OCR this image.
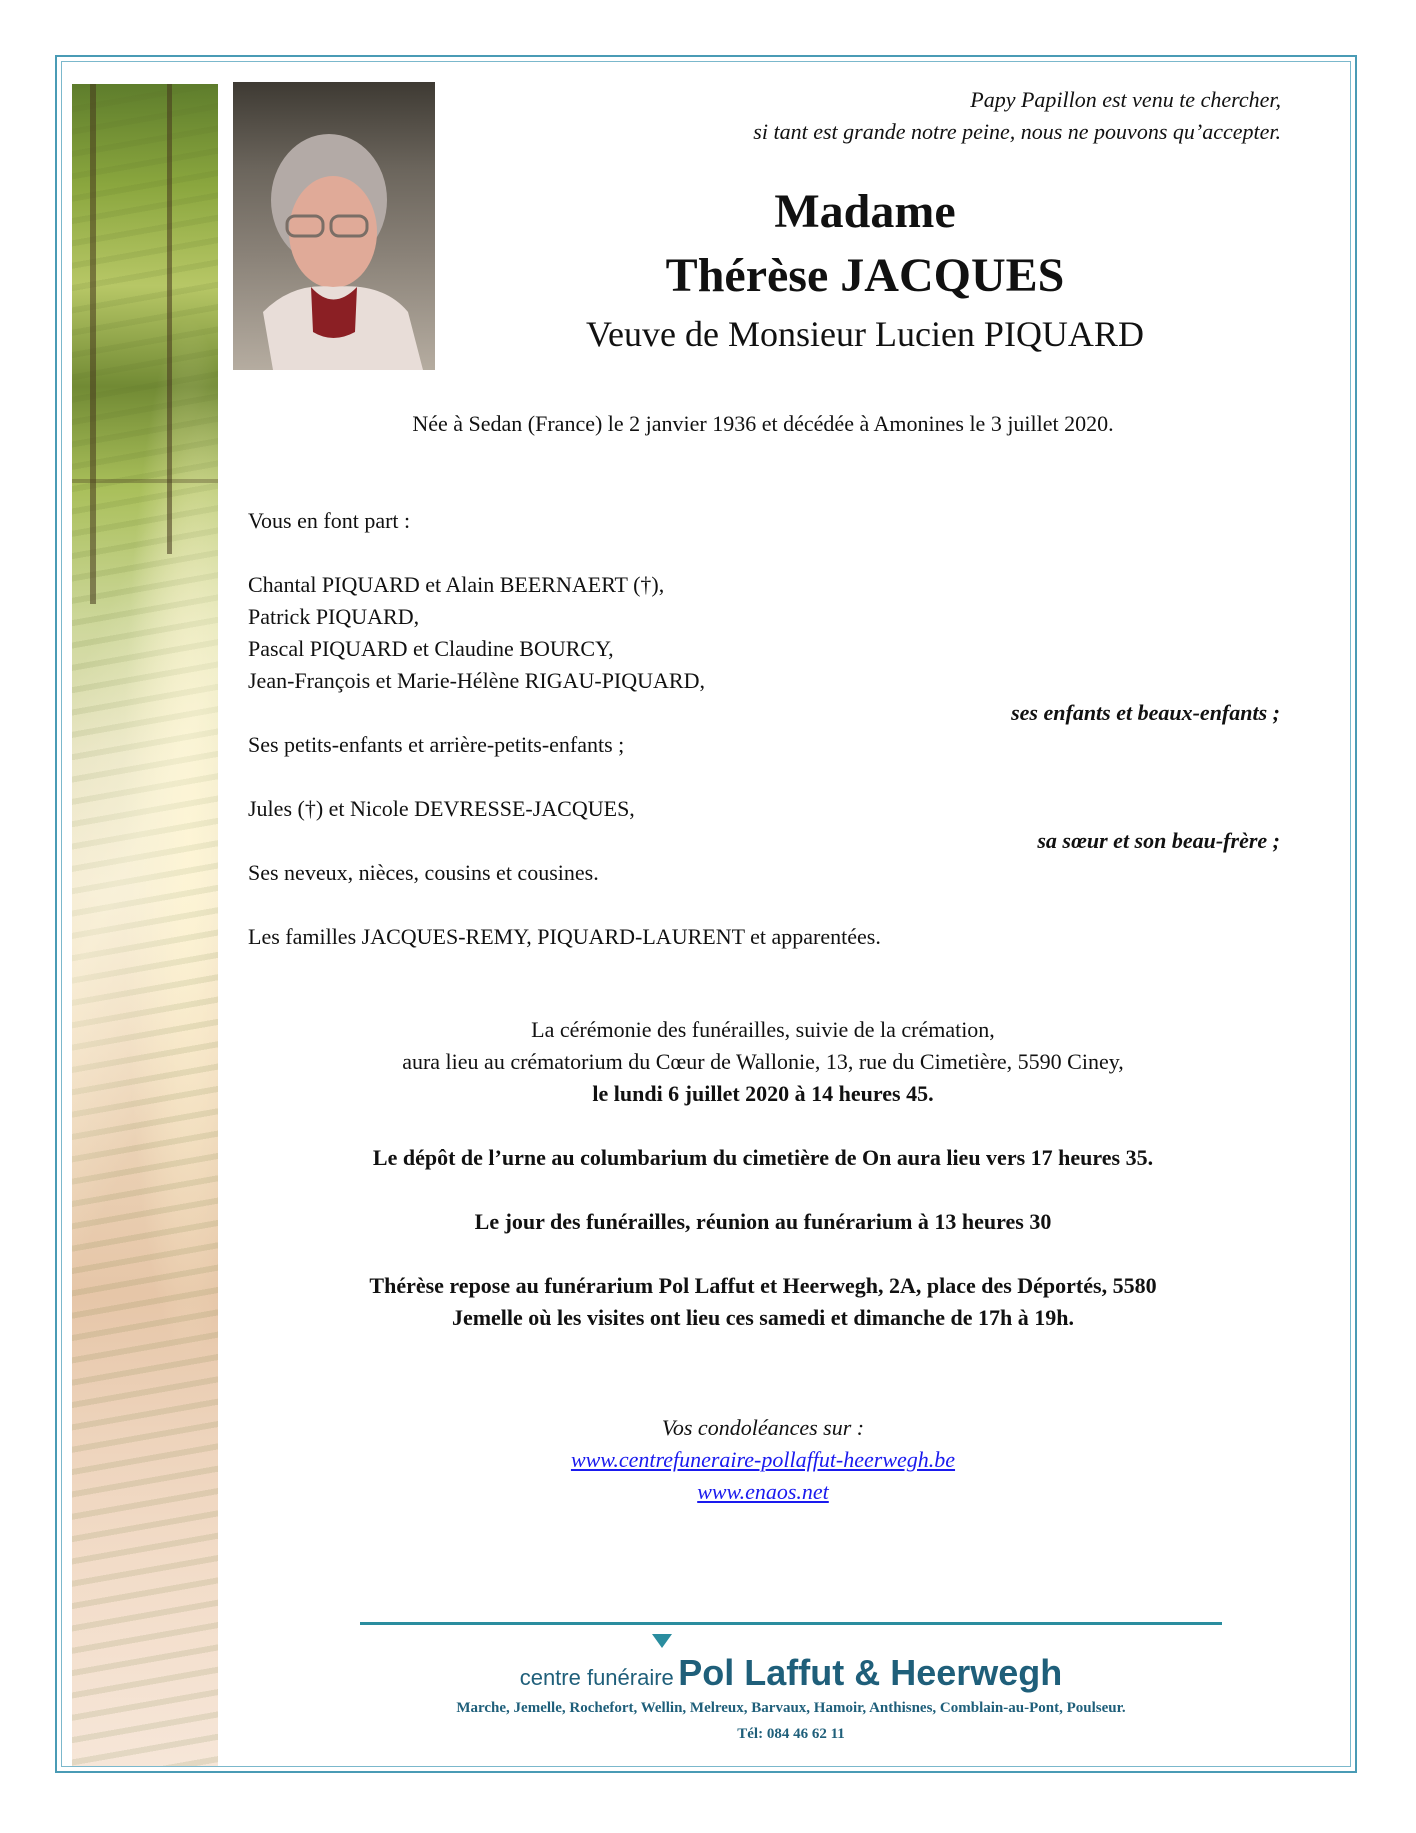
Papy Papillon est venu te chercher,
si tant est grande notre peine, nous ne pouvons qu’accepter.
Madame
Thérèse JACQUES
Veuve de Monsieur Lucien PIQUARD
Née à Sedan (France) le 2 janvier 1936 et décédée à Amonines le 3 juillet 2020.
Vous en font part :
Chantal PIQUARD et Alain BEERNAERT (†),
Patrick PIQUARD,
Pascal PIQUARD et Claudine BOURCY,
Jean-François et Marie-Hélène RIGAU-PIQUARD,
ses enfants et beaux-enfants ;
Ses petits-enfants et arrière-petits-enfants ;
Jules (†) et Nicole DEVRESSE-JACQUES,
sa sœur et son beau-frère ;
Ses neveux, nièces, cousins et cousines.
Les familles JACQUES-REMY, PIQUARD-LAURENT et apparentées.
La cérémonie des funérailles, suivie de la crémation,
aura lieu au crématorium du Cœur de Wallonie, 13, rue du Cimetière, 5590 Ciney,
le lundi 6 juillet 2020 à 14 heures 45.
Le dépôt de l’urne au columbarium du cimetière de On aura lieu vers 17 heures 35.
Le jour des funérailles, réunion au funérarium à 13 heures 30
Thérèse repose au funérarium Pol Laffut et Heerwegh, 2A, place des Déportés, 5580
Jemelle où les visites ont lieu ces samedi et dimanche de 17h à 19h.
Vos condoléances sur :
www.centrefuneraire-pollaffut-heerwegh.be
www.enaos.net
centre funéraire Pol Laffut & Heerwegh
Marche, Jemelle, Rochefort, Wellin, Melreux, Barvaux, Hamoir, Anthisnes, Comblain-au-Pont, Poulseur.
Tél: 084 46 62 11
